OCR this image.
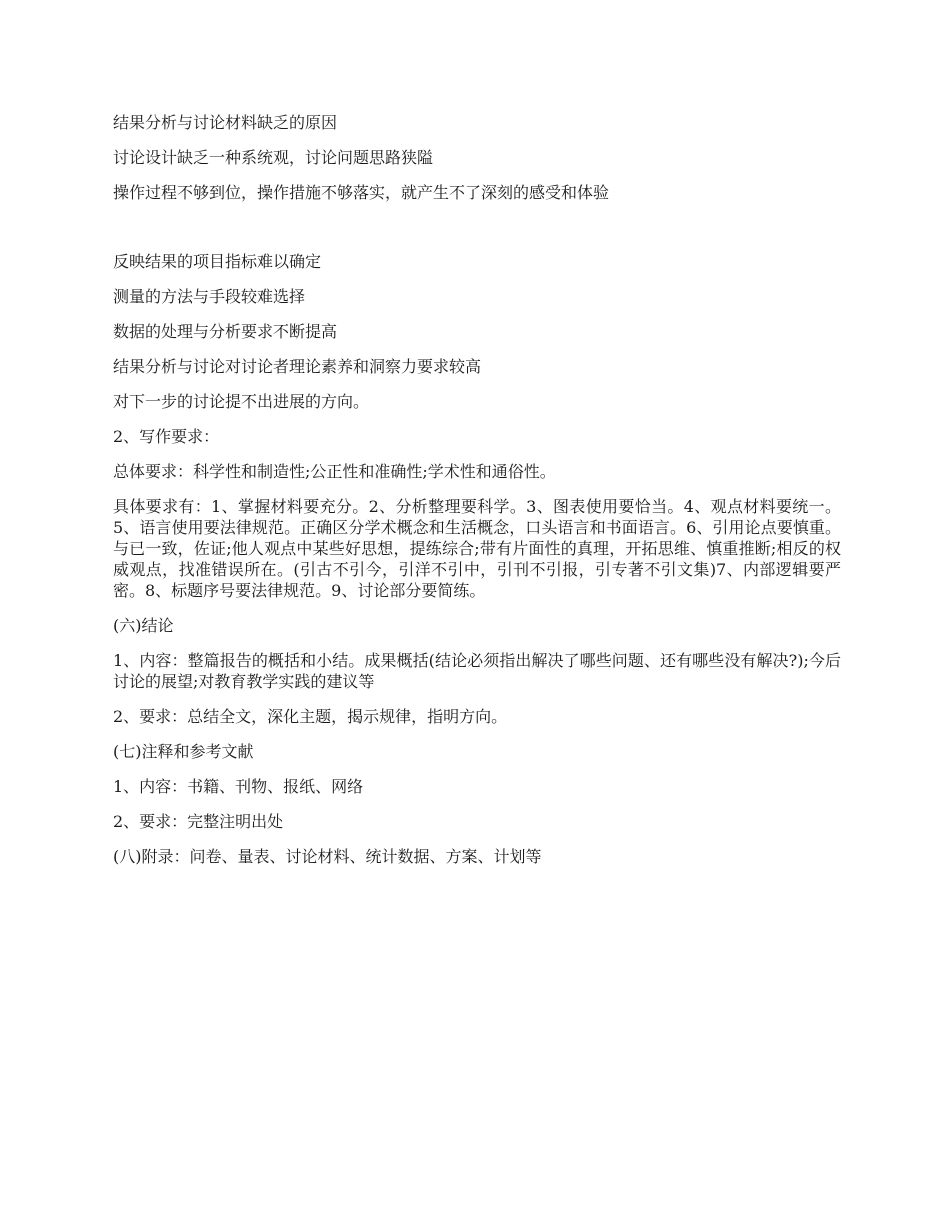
结果分析与讨论材料缺乏的原因

讨论设计缺乏一种系统观，讨论问题思路狭隘

操作过程不够到位，操作措施不够落实，就产生不了深刻的感受和体验

反映结果的项目指标难以确定

测量的方法与手段较难选择

数据的处理与分析要求不断提高

结果分析与讨论对讨论者理论素养和洞察力要求较高

对下一步的讨论提不出进展的方向。

2、写作要求：

总体要求：科学性和制造性;公正性和准确性;学术性和通俗性。

具体要求有：1、掌握材料要充分。2、分析整理要科学。3、图表使用要恰当。4、观点材料要统一。5、语言使用要法律规范。正确区分学术概念和生活概念，口头语言和书面语言。6、引用论点要慎重。与已一致，佐证;他人观点中某些好思想，提练综合;带有片面性的真理，开拓思维、慎重推断;相反的权威观点，找准错误所在。(引古不引今，引洋不引中，引刊不引报，引专著不引文集)7、内部逻辑要严密。8、标题序号要法律规范。9、讨论部分要简练。

(六)结论

1、内容：整篇报告的概括和小结。成果概括(结论必须指出解决了哪些问题、还有哪些没有解决?);今后讨论的展望;对教育教学实践的建议等

2、要求：总结全文，深化主题，揭示规律，指明方向。

(七)注释和参考文献

1、内容：书籍、刊物、报纸、网络

2、要求：完整注明出处

(八)附录：问卷、量表、讨论材料、统计数据、方案、计划等
